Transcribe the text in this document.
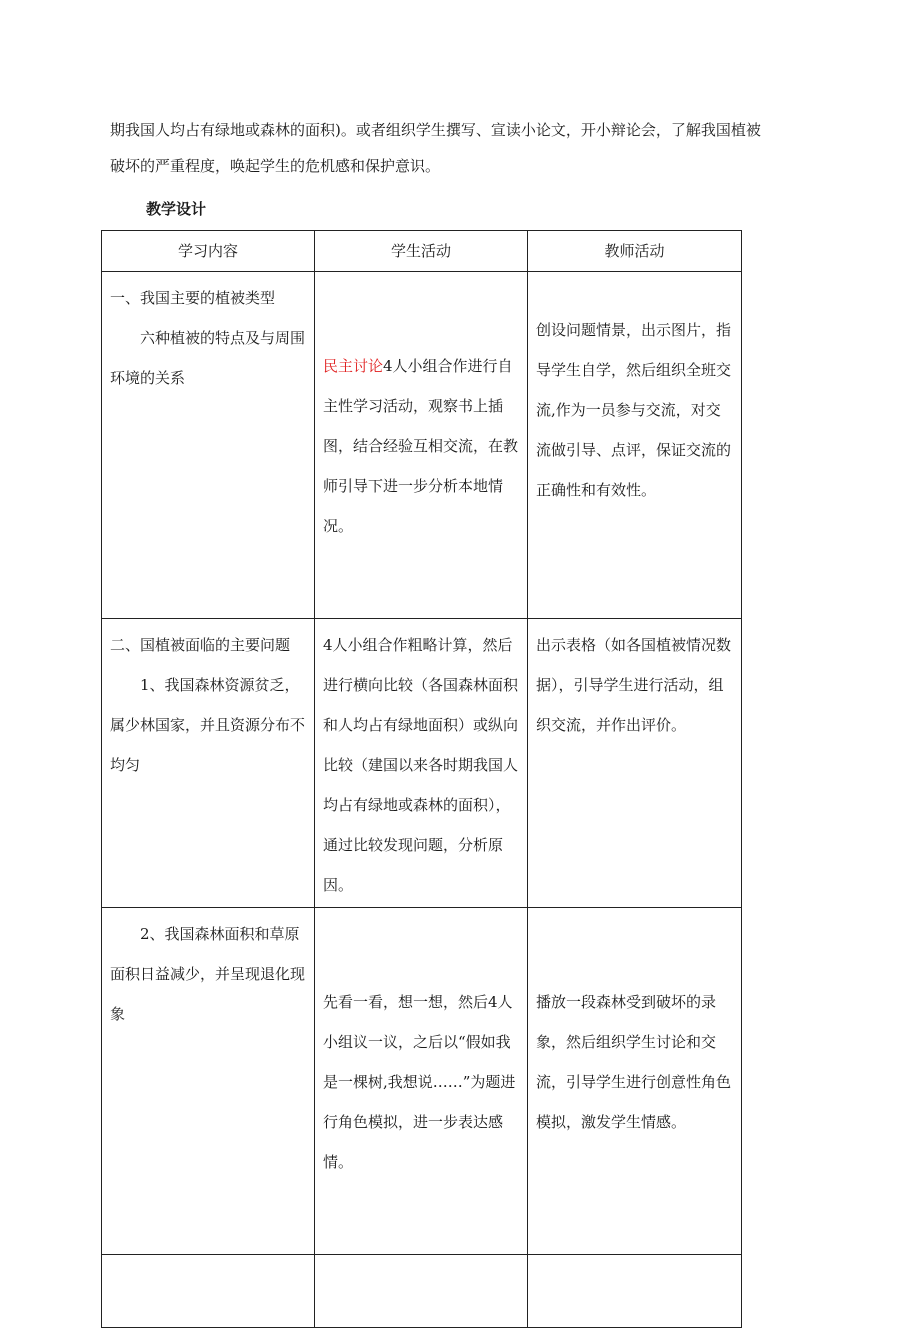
期我国人均占有绿地或森林的面积)。或者组织学生撰写、宣读小论文，开小辩论会，了解我国植被

破坏的严重程度，唤起学生的危机感和保护意识。

教学设计
学习内容	学生活动	教师活动

一、我国主要的植被类型

六种植被的特点及与周围环境的关系	民主讨论4人小组合作进行自主性学习活动，观察书上插图，结合经验互相交流，在教师引导下进一步分析本地情况。	创设问题情景，出示图片，指导学生自学，然后组织全班交流,作为一员参与交流，对交流做引导、点评，保证交流的正确性和有效性。

二、国植被面临的主要问题

1、我国森林资源贫乏，属少林国家，并且资源分布不均匀	4人小组合作粗略计算，然后进行横向比较（各国森林面积和人均占有绿地面积）或纵向比较（建国以来各时期我国人均占有绿地或森林的面积），通过比较发现问题，分析原因。	出示表格（如各国植被情况数据），引导学生进行活动，组织交流，并作出评价。

2、我国森林面积和草原面积日益减少，并呈现退化现象	先看一看，想一想，然后4人小组议一议，之后以“假如我是一棵树,我想说……”为题进行角色模拟，进一步表达感情。	播放一段森林受到破坏的录象，然后组织学生讨论和交流，引导学生进行创意性角色模拟，激发学生情感。
